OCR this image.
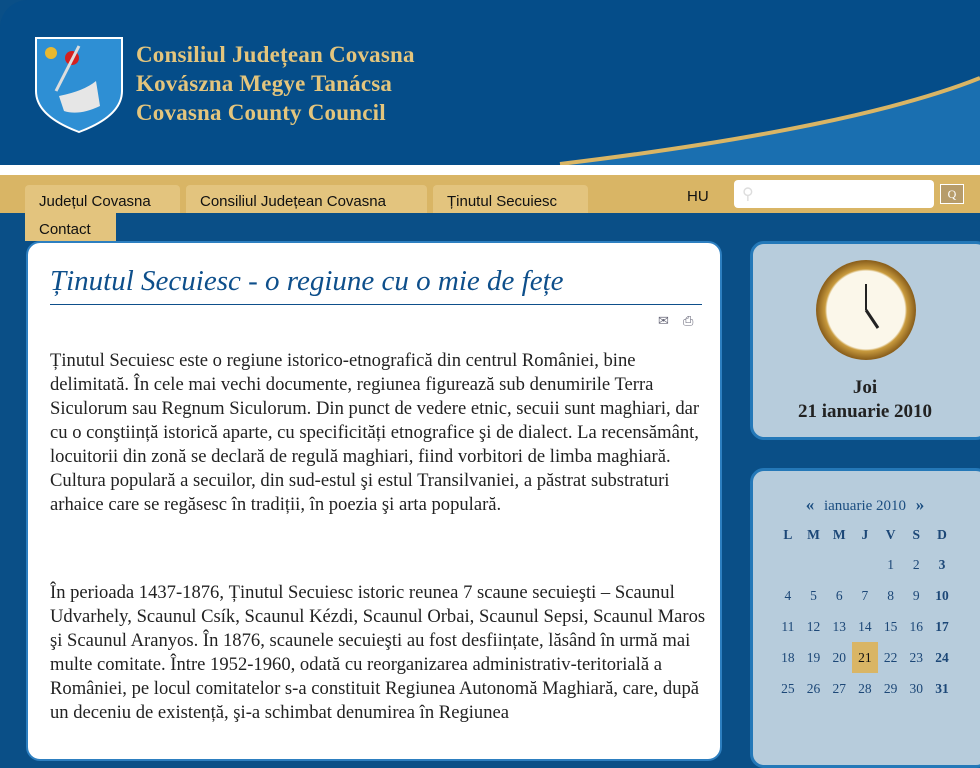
Consiliul Județean Covasna
Kovászna Megye Tanácsa
Covasna County Council
Județul Covasna	Consiliul Județean Covasna	Ținutul Secuiesc
Contact
HU ⚲	Q
Ținutul Secuiesc - o regiune cu o mie de fețe
✉ ⎙

Ținutul Secuiesc este o regiune istorico-etnografică din centrul României, bine delimitată. În cele mai vechi documente, regiunea figurează sub denumirile Terra Siculorum sau Regnum Siculorum. Din punct de vedere etnic, secuii sunt maghiari, dar cu o conştiință istorică aparte, cu specificități etnografice şi de dialect. La recensământ, locuitorii din zonă se declară de regulă maghiari, fiind vorbitori de limba maghiară. Cultura populară a secuilor, din sud-estul şi estul Transilvaniei, a păstrat substraturi arhaice care se regăsesc în tradiții, în poezia şi arta populară.

În perioada 1437-1876, Ținutul Secuiesc istoric reunea 7 scaune secuieşti – Scaunul Udvarhely, Scaunul Csík, Scaunul Kézdi, Scaunul Orbai, Scaunul Sepsi, Scaunul Maros şi Scaunul Aranyos. În 1876, scaunele secuieşti au fost desființate, lăsând în urmă mai multe comitate. Între 1952-1960, odată cu reorganizarea administrativ-teritorială a României, pe locul comitatelor s-a constituit Regiunea Autonomă Maghiară, care, după un deceniu de existență, şi-a schimbat denumirea în Regiunea

Joi
21 ianuarie 2010
« ianuarie 2010 »
L	M	M	J	V	S	D
				1	2	3
4	5	6	7	8	9	10
11	12	13	14	15	16	17
18	19	20	21	22	23	24
25	26	27	28	29	30	31
